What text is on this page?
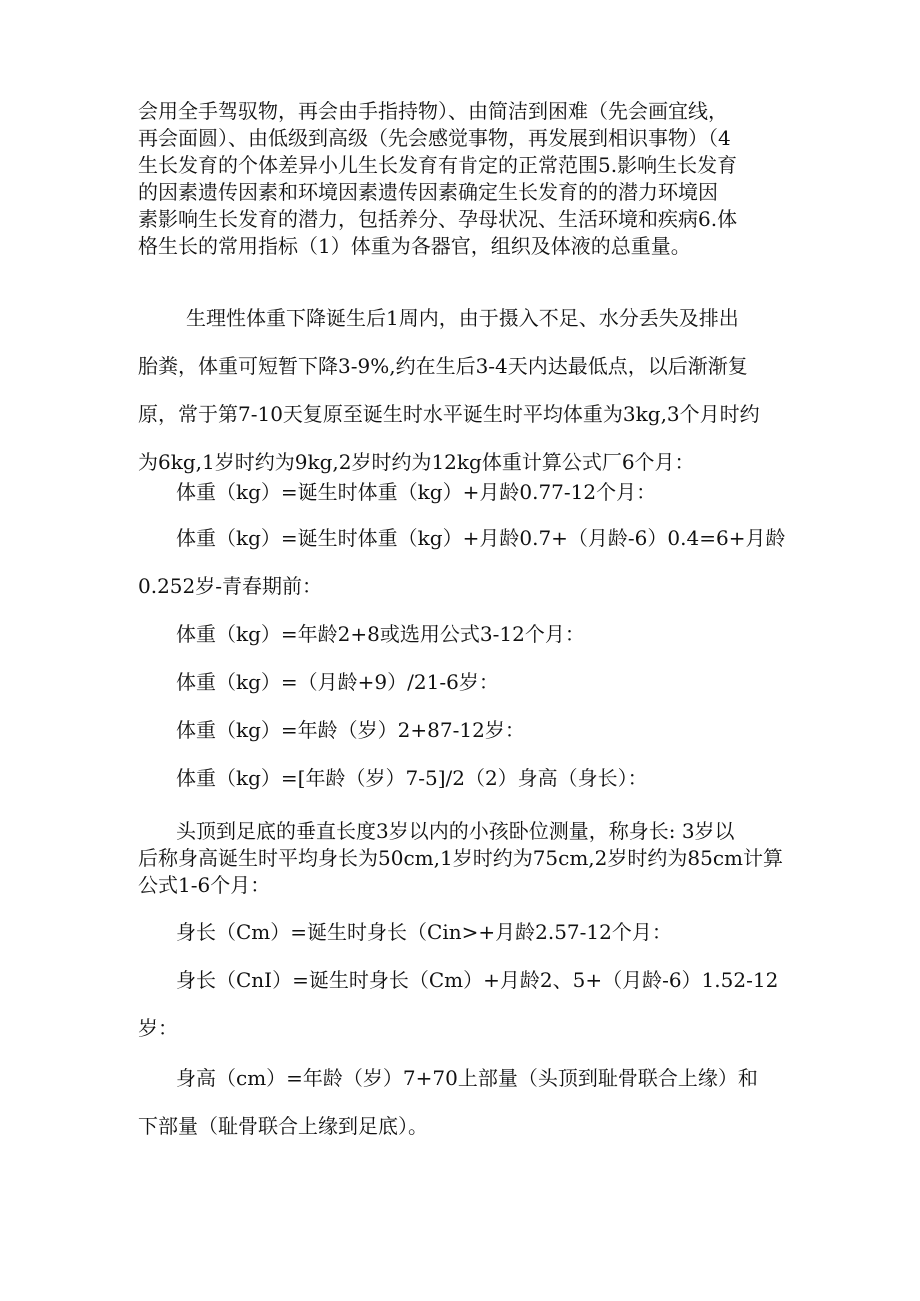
会用全手驾驭物，再会由手指持物）、由简洁到困难（先会画宜线，
再会面圆）、由低级到高级（先会感觉事物，再发展到相识事物）（4
生长发育的个体差异小儿生长发育有肯定的正常范围5.影响生长发育
的因素遗传因素和环境因素遗传因素确定生长发育的的潜力环境因
素影响生长发育的潜力，包括养分、孕母状况、生活环境和疾病6.体
格生长的常用指标（1）体重为各器官，组织及体液的总重量。
生理性体重下降诞生后1周内，由于摄入不足、水分丢失及排出
胎粪，体重可短暂下降3-9%,约在生后3-4天内达最低点，以后渐渐复
原，常于第7-10天复原至诞生时水平诞生时平均体重为3kg,3个月时约
为6kg,1岁时约为9kg,2岁时约为12kg体重计算公式厂6个月：
体重（kg）=诞生时体重（kg）+月龄0.77-12个月：
体重（kg）=诞生时体重（kg）+月龄0.7+（月龄-6）0.4=6+月龄
0.252岁-青春期前：
体重（kg）=年龄2+8或选用公式3-12个月：
体重（kg）=（月龄+9）/21-6岁：
体重（kg）=年龄（岁）2+87-12岁：
体重（kg）=[年龄（岁）7-5]/2（2）身高（身长）：
头顶到足底的垂直长度3岁以内的小孩卧位测量，称身长: 3岁以
后称身高诞生时平均身长为50cm,1岁时约为75cm,2岁时约为85cm计算
公式1-6个月：
身长（Cm）=诞生时身长（Cin>+月龄2.57-12个月：
身长（CnI）=诞生时身长（Cm）+月龄2、5+（月龄-6）1.52-12
岁：
身高（cm）=年龄（岁）7+70上部量（头顶到耻骨联合上缘）和
下部量（耻骨联合上缘到足底）。
